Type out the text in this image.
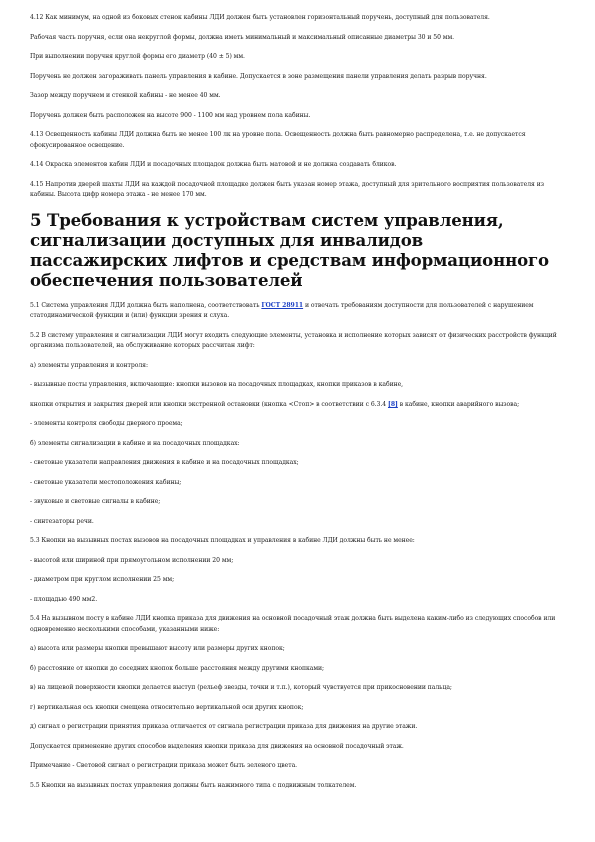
4.12 Как минимум, на одной из боковых стенок кабины ЛДИ должен быть установлен горизонтальный поручень, доступный для пользователя.

Рабочая часть поручня, если она некруглой формы, должна иметь минимальный и максимальный описанные диаметры 30 и 50 мм.

При выполнении поручня круглой формы его диаметр (40 ± 5) мм.

Поручень не должен загораживать панель управления в кабине. Допускается в зоне размещения панели управления делать разрыв поручня.

Зазор между поручнем и стенкой кабины - не менее 40 мм.

Поручень должен быть расположен на высоте 900 - 1100 мм над уровнем пола кабины.

4.13 Освещенность кабины ЛДИ должна быть не менее 100 лк на уровне пола. Освещенность должна быть равномерно распределена, т.е. не допускается сфокусированное освещение.

4.14 Окраска элементов кабин ЛДИ и посадочных площадок должна быть матовой и не должна создавать бликов.

4.15 Напротив дверей шахты ЛДИ на каждой посадочной площадке должен быть указан номер этажа, доступный для зрительного восприятия пользователя из кабины. Высота цифр номера этажа - не менее 170 мм.

5 Требования к устройствам систем управления, сигнализации доступных для инвалидов пассажирских лифтов и средствам информационного обеспечения пользователей

5.1 Система управления ЛДИ должна быть наполнена, соответствовать ГОСТ 28911 и отвечать требованиям доступности для пользователей с нарушением статодинамической функции и (или) функции зрения и слуха.

5.2 В систему управления и сигнализации ЛДИ могут входить следующие элементы, установка и исполнение которых зависят от физических расстройств функций организма пользователей, на обслуживание которых рассчитан лифт:

а) элементы управления и контроля:

- вызывные посты управления, включающие: кнопки вызовов на посадочных площадках, кнопки приказов в кабине,

кнопки открытия и закрытия дверей или кнопки экстренной остановки (кнопка <Стоп> в соответствии с 6.3.4 [8] в кабине, кнопки аварийного вызова;

- элементы контроля свободы дверного проема;

б) элементы сигнализации в кабине и на посадочных площадках:

- световые указатели направления движения в кабине и на посадочных площадках;

- световые указатели местоположения кабины;

- звуковые и световые сигналы в кабине;

- синтезаторы речи.

5.3 Кнопки на вызывных постах вызовов на посадочных площадках и управления в кабине ЛДИ должны быть не менее:

- высотой или шириной при прямоугольном исполнении 20 мм;

- диаметром при круглом исполнении 25 мм;

- площадью 490 мм2.

5.4 На вызывном посту в кабине ЛДИ кнопка приказа для движения на основной посадочный этаж должна быть выделена каким-либо из следующих способов или одновременно несколькими способами, указанными ниже:

а) высота или размеры кнопки превышают высоту или размеры других кнопок;

б) расстояние от кнопки до соседних кнопок больше расстояния между другими кнопками;

в) на лицевой поверхности кнопки делается выступ (рельеф звезды, точки и т.п.), который чувствуется при прикосновении пальца;

г) вертикальная ось кнопки смещена относительно вертикальной оси других кнопок;

д) сигнал о регистрации принятия приказа отличается от сигнала регистрации приказа для движения на другие этажи.

Допускается применение других способов выделения кнопки приказа для движения на основной посадочный этаж.

Примечание - Световой сигнал о регистрации приказа может быть зеленого цвета.

5.5 Кнопки на вызывных постах управления должны быть нажимного типа с подвижным толкателем.
